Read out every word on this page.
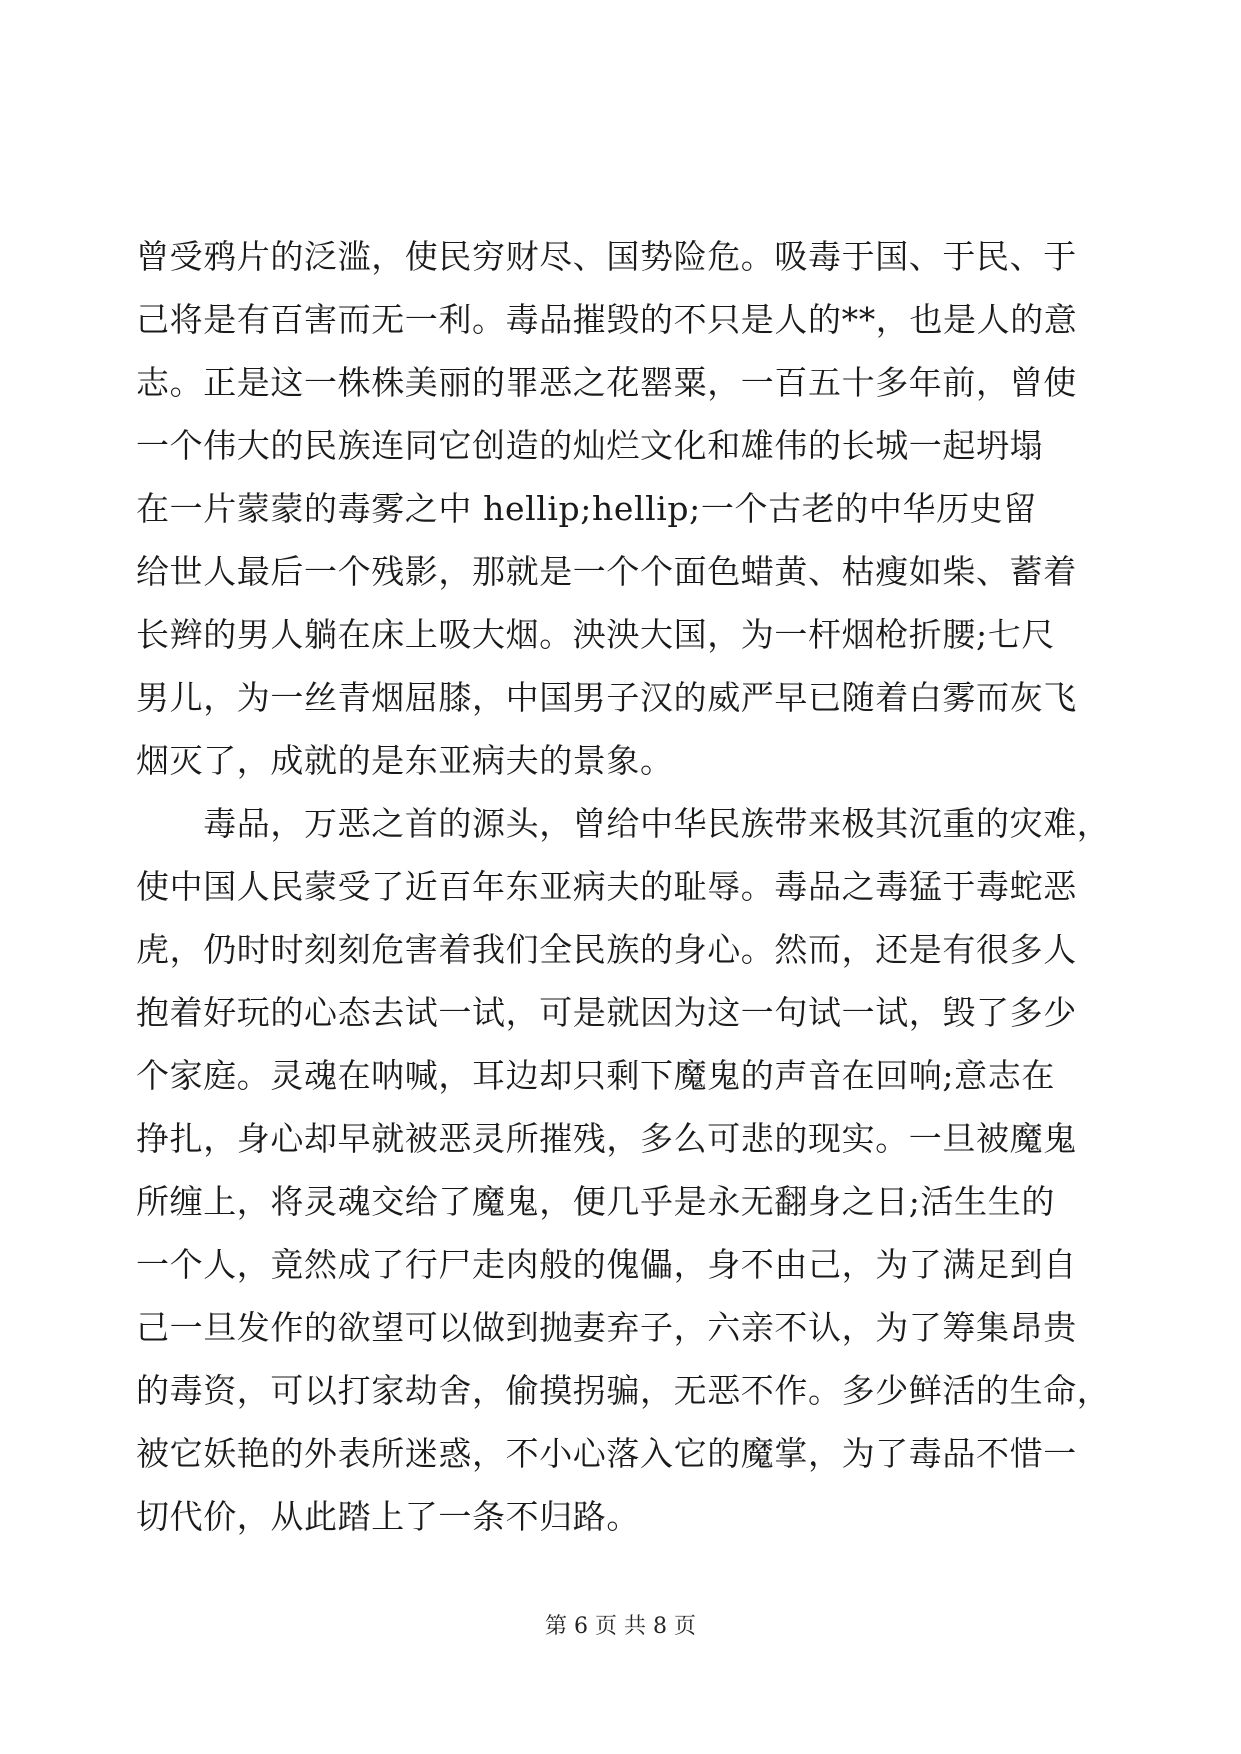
曾受鸦片的泛滥，使民穷财尽、国势险危。吸毒于国、于民、于
己将是有百害而无一利。毒品摧毁的不只是人的**，也是人的意
志。正是这一株株美丽的罪恶之花罂粟，一百五十多年前，曾使
一个伟大的民族连同它创造的灿烂文化和雄伟的长城一起坍塌
在一片蒙蒙的毒雾之中 hellip;hellip;一个古老的中华历史留
给世人最后一个残影，那就是一个个面色蜡黄、枯瘦如柴、蓄着
长辫的男人躺在床上吸大烟。泱泱大国，为一杆烟枪折腰;七尺
男儿，为一丝青烟屈膝，中国男子汉的威严早已随着白雾而灰飞
烟灭了，成就的是东亚病夫的景象。
　　毒品，万恶之首的源头，曾给中华民族带来极其沉重的灾难，
使中国人民蒙受了近百年东亚病夫的耻辱。毒品之毒猛于毒蛇恶
虎，仍时时刻刻危害着我们全民族的身心。然而，还是有很多人
抱着好玩的心态去试一试，可是就因为这一句试一试，毁了多少
个家庭。灵魂在呐喊，耳边却只剩下魔鬼的声音在回响;意志在
挣扎，身心却早就被恶灵所摧残，多么可悲的现实。一旦被魔鬼
所缠上，将灵魂交给了魔鬼，便几乎是永无翻身之日;活生生的
一个人，竟然成了行尸走肉般的傀儡，身不由己，为了满足到自
己一旦发作的欲望可以做到抛妻弃子，六亲不认，为了筹集昂贵
的毒资，可以打家劫舍，偷摸拐骗，无恶不作。多少鲜活的生命，
被它妖艳的外表所迷惑，不小心落入它的魔掌，为了毒品不惜一
切代价，从此踏上了一条不归路。
第 6 页 共 8 页
